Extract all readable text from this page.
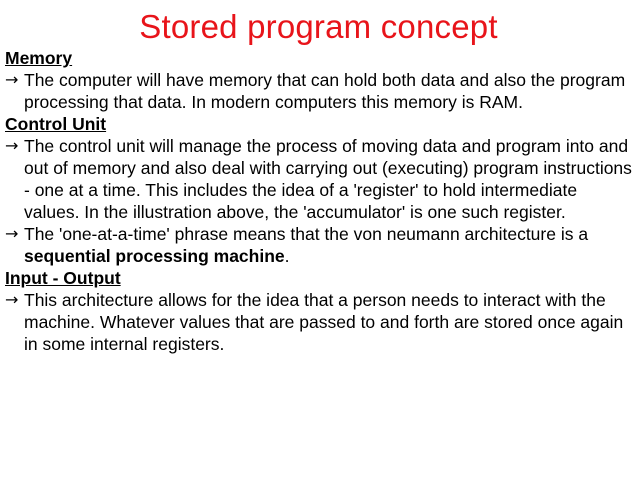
Stored program concept

Memory

→ The computer will have memory that can hold both data and also the program processing that data. In modern computers this memory is RAM.

Control Unit

→ The control unit will manage the process of moving data and program into and out of memory and also deal with carrying out (executing) program instructions - one at a time. This includes the idea of a 'register' to hold intermediate values. In the illustration above, the 'accumulator' is one such register.

→ The 'one-at-a-time' phrase means that the von neumann architecture is a sequential processing machine.

Input - Output

→ This architecture allows for the idea that a person needs to interact with the machine. Whatever values that are passed to and forth are stored once again in some internal registers.
